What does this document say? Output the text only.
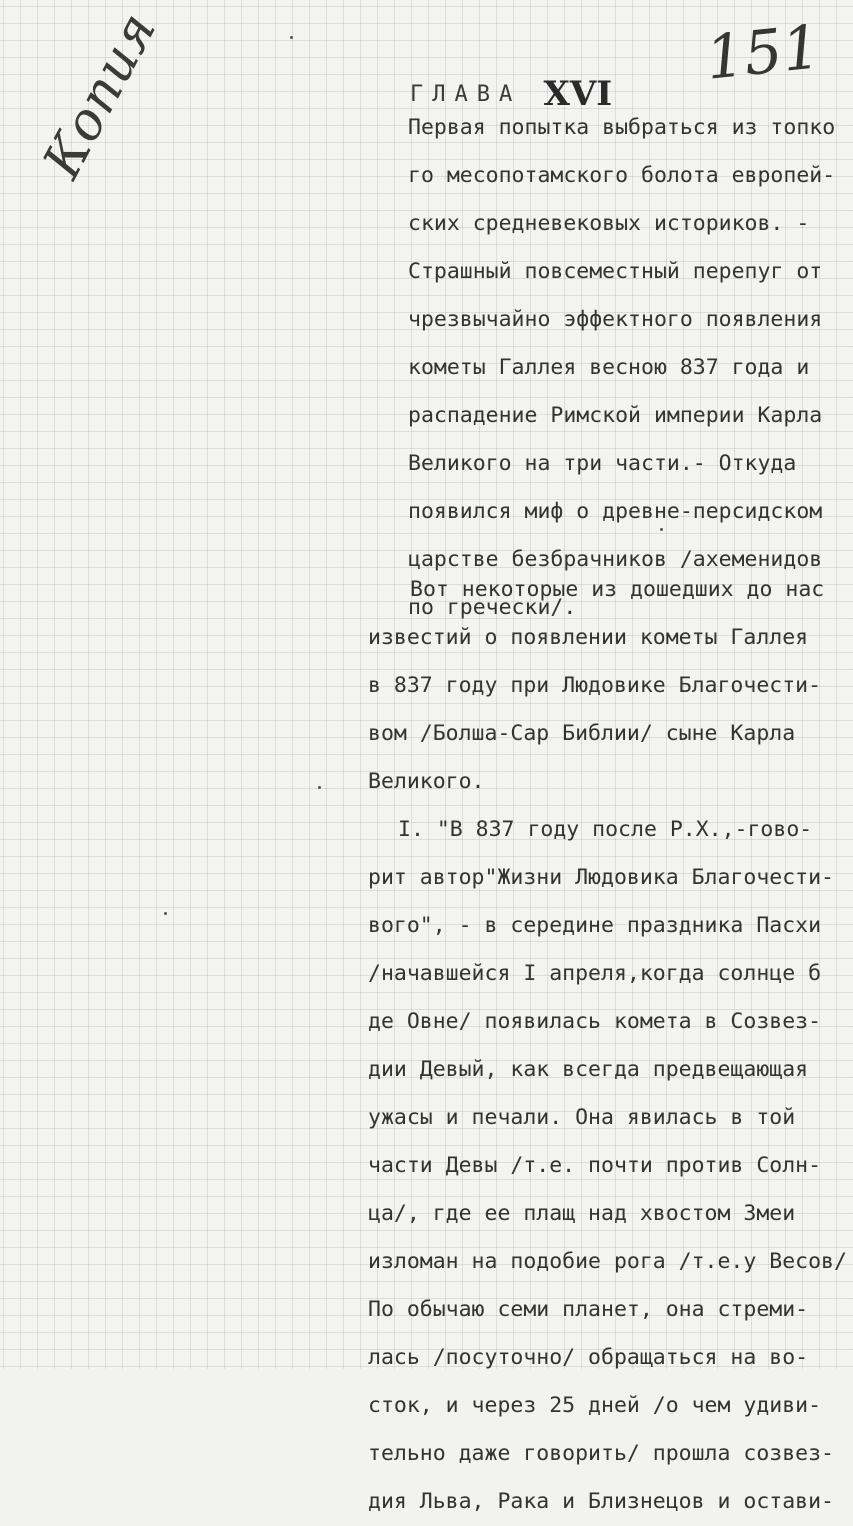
Копия	151
ГЛАВА XVI
Первая попытка выбраться из топко
го месопотамского болота европей-
ских средневековых историков. -
Страшный повсеместный перепуг от
чрезвычайно эффектного появления
кометы Галлея весною 837 года и
распадение Римской империи Карла
Великого на три части.- Откуда
появился миф о древне-персидском
царстве безбрачников /ахеменидов
по гречески/.
Вот некоторые из дошедших до нас
известий о появлении кометы Галлея
в 837 году при Людовике Благочести-
вом /Болша-Сар Библии/ сыне Карла
Великого.
I. "В 837 году после Р.Х.,-гово-
рит автор"Жизни Людовика Благочести-
вого", - в середине праздника Пасхи
/начавшейся I апреля,когда солнце б
де Овне/ появилась комета в Созвез-
дии Девый, как всегда предвещающая
ужасы и печали. Она явилась в той
части Девы /т.е. почти против Солн-
ца/, где ее плащ над хвостом Змеи
изломан на подобие рога /т.е.у Весов/
По обычаю семи планет, она стреми-
лась /посуточно/ обращаться на во-
сток, и через 25 дней /о чем удиви-
тельно даже говорить/ прошла созвез-
дия Льва, Рака и Близнецов и остави-
